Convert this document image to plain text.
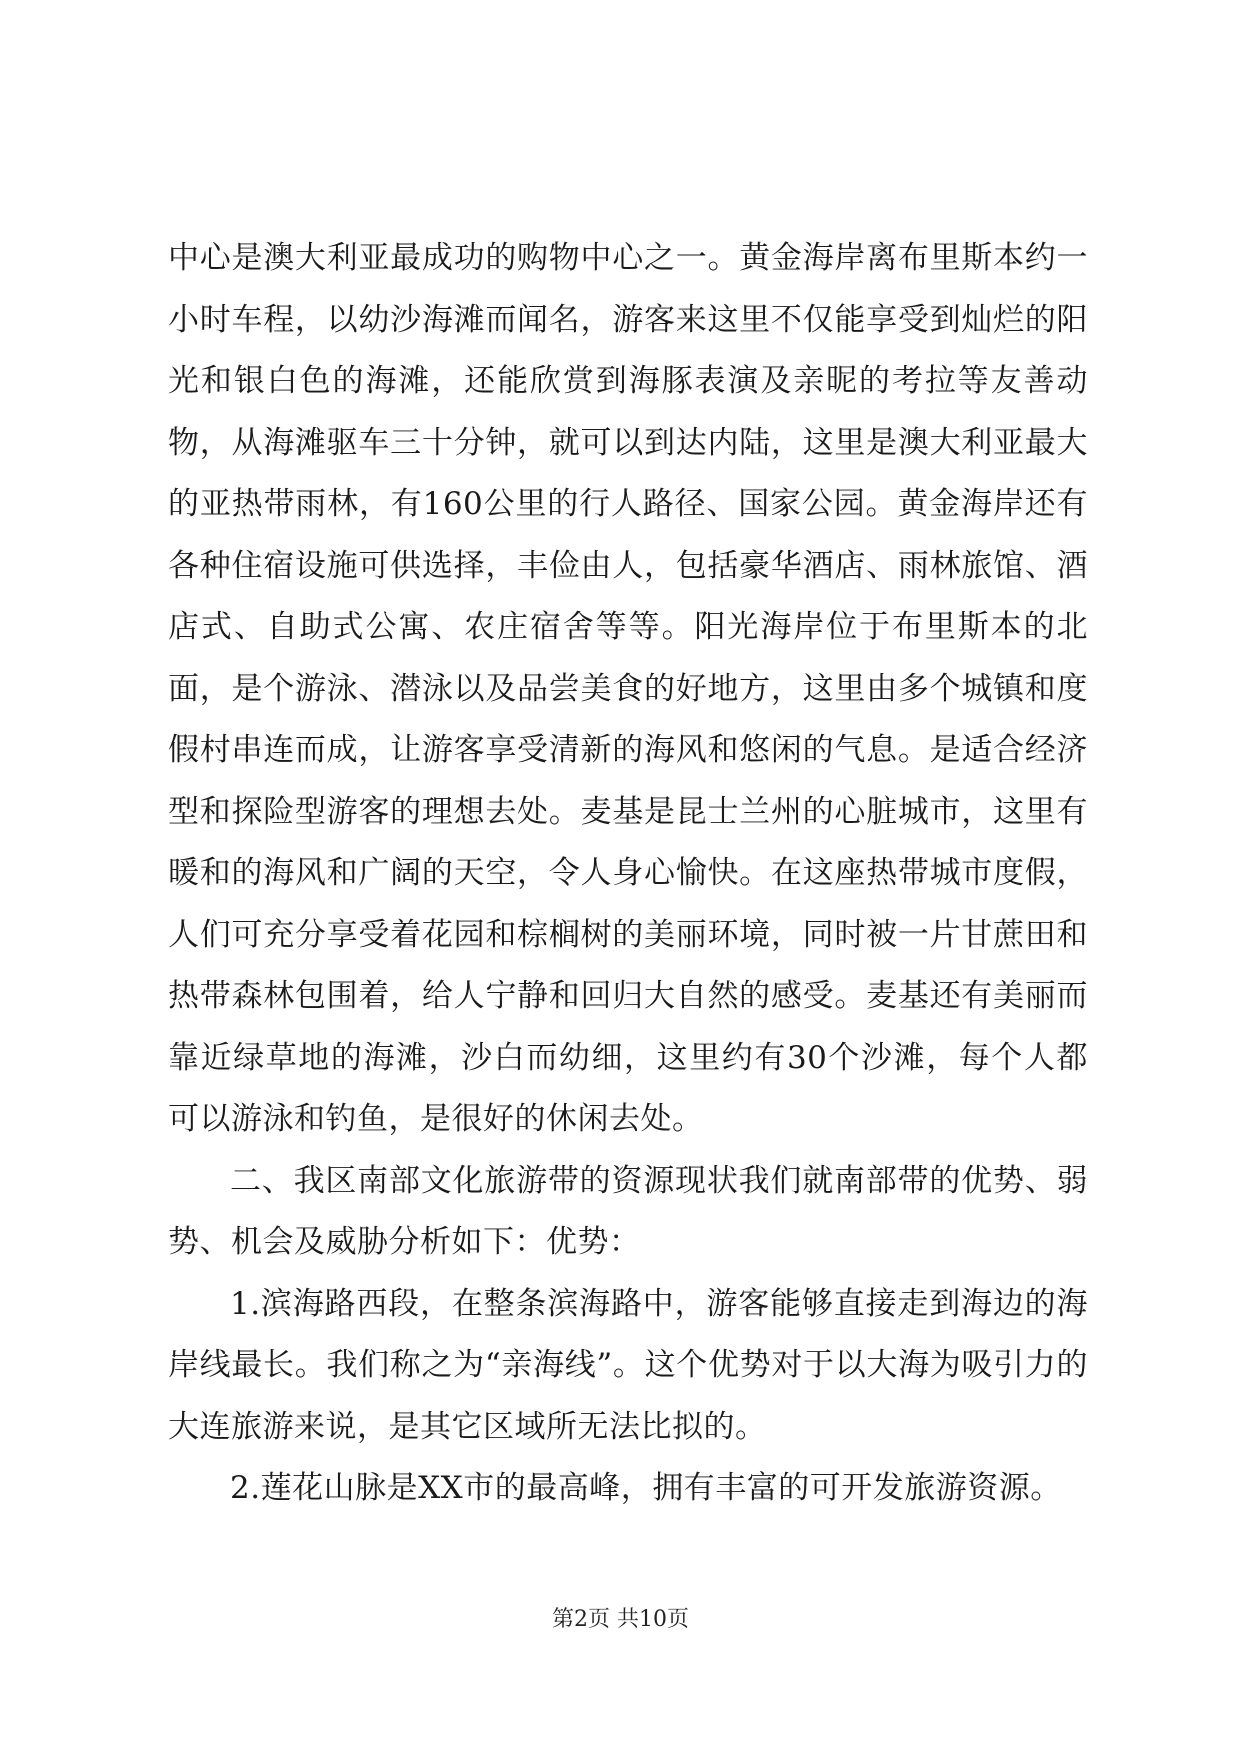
中心是澳大利亚最成功的购物中心之一。黄金海岸离布里斯本约一小时车程，以幼沙海滩而闻名，游客来这里不仅能享受到灿烂的阳光和银白色的海滩，还能欣赏到海豚表演及亲昵的考拉等友善动物，从海滩驱车三十分钟，就可以到达内陆，这里是澳大利亚最大的亚热带雨林，有160公里的行人路径、国家公园。黄金海岸还有各种住宿设施可供选择，丰俭由人，包括豪华酒店、雨林旅馆、酒店式、自助式公寓、农庄宿舍等等。阳光海岸位于布里斯本的北面，是个游泳、潜泳以及品尝美食的好地方，这里由多个城镇和度假村串连而成，让游客享受清新的海风和悠闲的气息。是适合经济型和探险型游客的理想去处。麦基是昆士兰州的心脏城市，这里有暖和的海风和广阔的天空，令人身心愉快。在这座热带城市度假，人们可充分享受着花园和棕榈树的美丽环境，同时被一片甘蔗田和热带森林包围着，给人宁静和回归大自然的感受。麦基还有美丽而靠近绿草地的海滩，沙白而幼细，这里约有30个沙滩，每个人都可以游泳和钓鱼，是很好的休闲去处。

二、我区南部文化旅游带的资源现状我们就南部带的优势、弱势、机会及威胁分析如下：优势：

1.滨海路西段，在整条滨海路中，游客能够直接走到海边的海岸线最长。我们称之为“亲海线”。这个优势对于以大海为吸引力的大连旅游来说，是其它区域所无法比拟的。

2.莲花山脉是XX市的最高峰，拥有丰富的可开发旅游资源。

第2页 共10页
